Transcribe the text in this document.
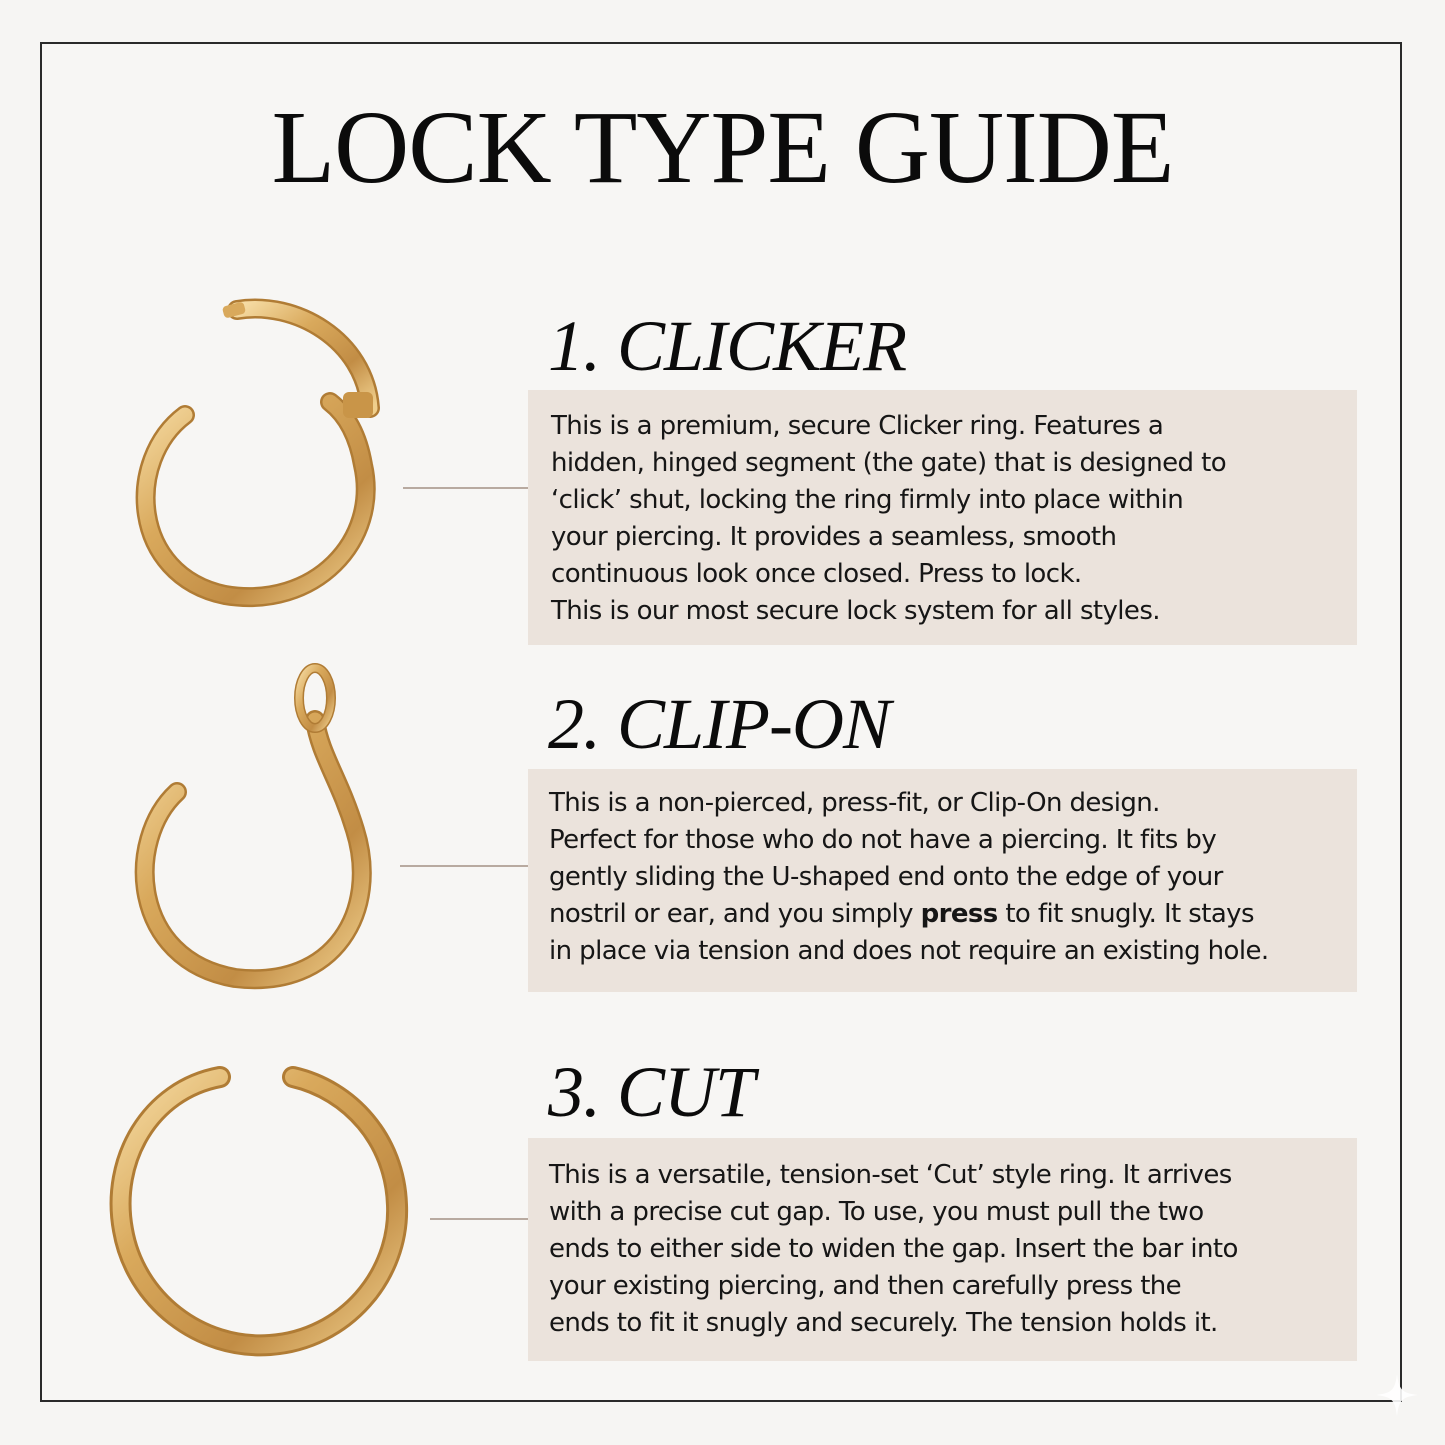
LOCK TYPE GUIDE
1. CLICKER

This is a premium, secure Clicker ring. Features a
hidden, hinged segment (the gate) that is designed to
‘click’ shut, locking the ring firmly into place within
your piercing. It provides a seamless, smooth
continuous look once closed. Press to lock.
This is our most secure lock system for all styles.

2. CLIP-ON

This is a non-pierced, press-fit, or Clip-On design.
Perfect for those who do not have a piercing. It fits by
gently sliding the U-shaped end onto the edge of your
nostril or ear, and you simply press to fit snugly. It stays
in place via tension and does not require an existing hole.

3. CUT

This is a versatile, tension-set ‘Cut’ style ring. It arrives
with a precise cut gap. To use, you must pull the two
ends to either side to widen the gap. Insert the bar into
your existing piercing, and then carefully press the
ends to fit it snugly and securely. The tension holds it.
